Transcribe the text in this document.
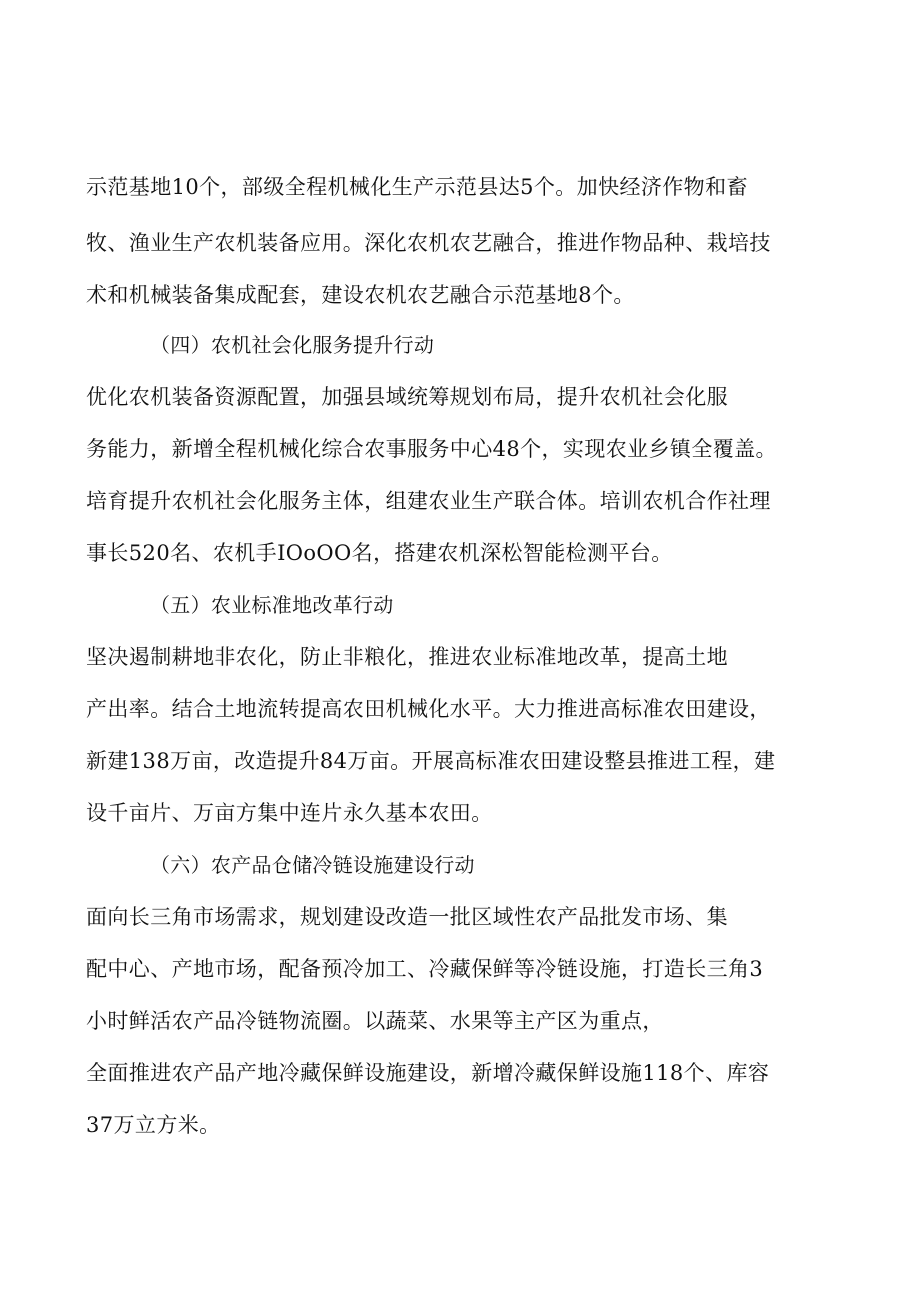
示范基地10个，部级全程机械化生产示范县达5个。加快经济作物和畜
牧、渔业生产农机装备应用。深化农机农艺融合，推进作物品种、栽培技
术和机械装备集成配套，建设农机农艺融合示范基地8个。
（四）农机社会化服务提升行动
优化农机装备资源配置，加强县域统筹规划布局，提升农机社会化服
务能力，新增全程机械化综合农事服务中心48个，实现农业乡镇全覆盖。
培育提升农机社会化服务主体，组建农业生产联合体。培训农机合作社理
事长520名、农机手IOoOO名，搭建农机深松智能检测平台。
（五）农业标准地改革行动
坚决遏制耕地非农化，防止非粮化，推进农业标准地改革，提高土地
产出率。结合土地流转提高农田机械化水平。大力推进高标准农田建设，
新建138万亩，改造提升84万亩。开展高标准农田建设整县推进工程，建
设千亩片、万亩方集中连片永久基本农田。
（六）农产品仓储冷链设施建设行动
面向长三角市场需求，规划建设改造一批区域性农产品批发市场、集
配中心、产地市场，配备预冷加工、冷藏保鲜等冷链设施，打造长三角3
小时鲜活农产品冷链物流圈。以蔬菜、水果等主产区为重点，
全面推进农产品产地冷藏保鲜设施建设，新增冷藏保鲜设施118个、库容
37万立方米。
